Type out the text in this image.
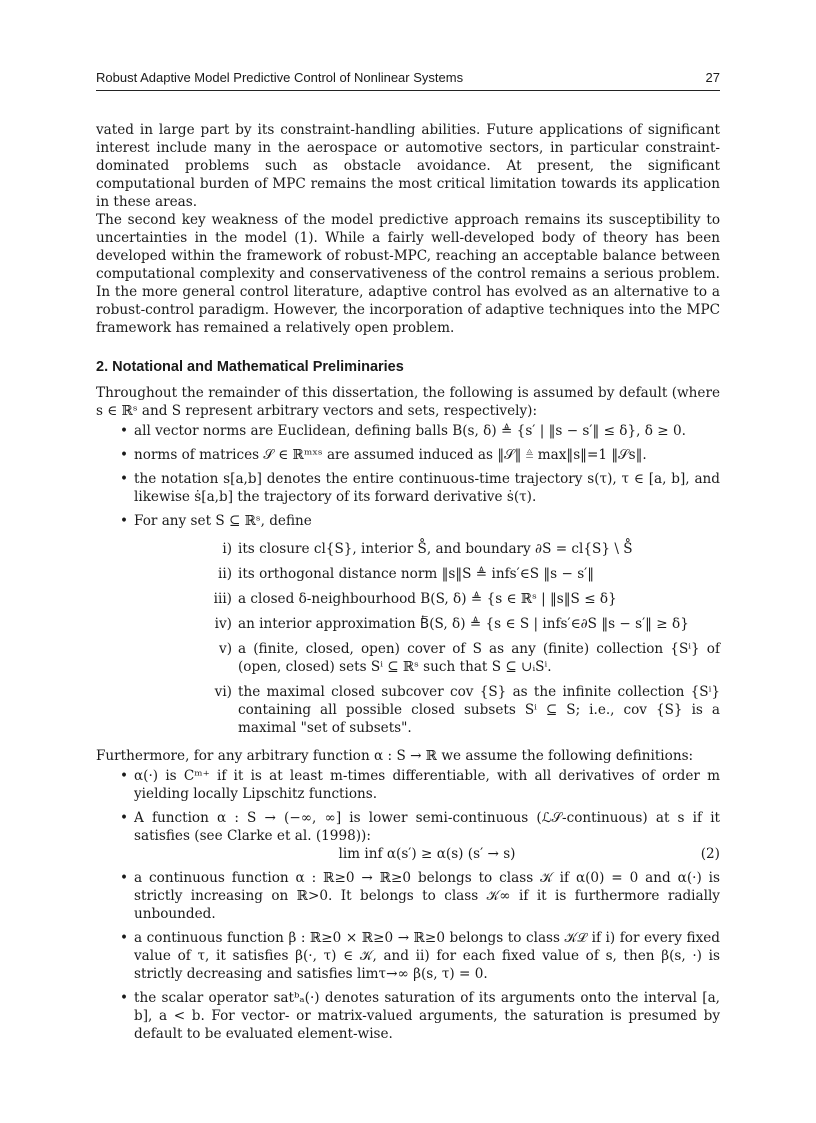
Robust Adaptive Model Predictive Control of Nonlinear Systems	27

vated in large part by its constraint-handling abilities. Future applications of significant interest include many in the aerospace or automotive sectors, in particular constraint-dominated problems such as obstacle avoidance. At present, the significant computational burden of MPC remains the most critical limitation towards its application in these areas.

The second key weakness of the model predictive approach remains its susceptibility to uncertainties in the model (1). While a fairly well-developed body of theory has been developed within the framework of robust-MPC, reaching an acceptable balance between computational complexity and conservativeness of the control remains a serious problem. In the more general control literature, adaptive control has evolved as an alternative to a robust-control paradigm. However, the incorporation of adaptive techniques into the MPC framework has remained a relatively open problem.

2. Notational and Mathematical Preliminaries

Throughout the remainder of this dissertation, the following is assumed by default (where s ∈ ℝˢ and S represent arbitrary vectors and sets, respectively):

• all vector norms are Euclidean, defining balls B(s, δ) ≜ {s′ | ‖s − s′‖ ≤ δ}, δ ≥ 0.
• norms of matrices 𝒮 ∈ ℝᵐˣˢ are assumed induced as ‖𝒮‖ ≜ max‖s‖=1 ‖𝒮s‖.
• the notation s[a,b] denotes the entire continuous-time trajectory s(τ), τ ∈ [a, b], and likewise ṡ[a,b] the trajectory of its forward derivative ṡ(τ).
• For any set S ⊆ ℝˢ, define
i) its closure cl{S}, interior S̊, and boundary ∂S = cl{S} \ S̊
ii) its orthogonal distance norm ‖s‖S ≜ infs′∈S ‖s − s′‖
iii) a closed δ-neighbourhood B(S, δ) ≜ {s ∈ ℝˢ | ‖s‖S ≤ δ}
iv) an interior approximation B⃖(S, δ) ≜ {s ∈ S | infs′∈∂S ‖s − s′‖ ≥ δ}
v) a (finite, closed, open) cover of S as any (finite) collection {Sⁱ} of (open, closed) sets Sⁱ ⊆ ℝˢ such that S ⊆ ∪ᵢSⁱ.
vi) the maximal closed subcover cov {S} as the infinite collection {Sⁱ} containing all possible closed subsets Sⁱ ⊆ S; i.e., cov {S} is a maximal "set of subsets".

Furthermore, for any arbitrary function α : S → ℝ we assume the following definitions:

• α(·) is Cᵐ⁺ if it is at least m-times differentiable, with all derivatives of order m yielding locally Lipschitz functions.
• A function α : S → (−∞, ∞] is lower semi-continuous (ℒ𝒮-continuous) at s if it satisfies (see Clarke et al. (1998)):
lim inf α(s′) ≥ α(s) (s′ → s)	(2)
• a continuous function α : ℝ≥0 → ℝ≥0 belongs to class 𝒦 if α(0) = 0 and α(·) is strictly increasing on ℝ>0. It belongs to class 𝒦∞ if it is furthermore radially unbounded.
• a continuous function β : ℝ≥0 × ℝ≥0 → ℝ≥0 belongs to class 𝒦ℒ if i) for every fixed value of τ, it satisfies β(·, τ) ∈ 𝒦, and ii) for each fixed value of s, then β(s, ·) is strictly decreasing and satisfies limτ→∞ β(s, τ) = 0.
• the scalar operator satᵇₐ(·) denotes saturation of its arguments onto the interval [a, b], a < b. For vector- or matrix-valued arguments, the saturation is presumed by default to be evaluated element-wise.
